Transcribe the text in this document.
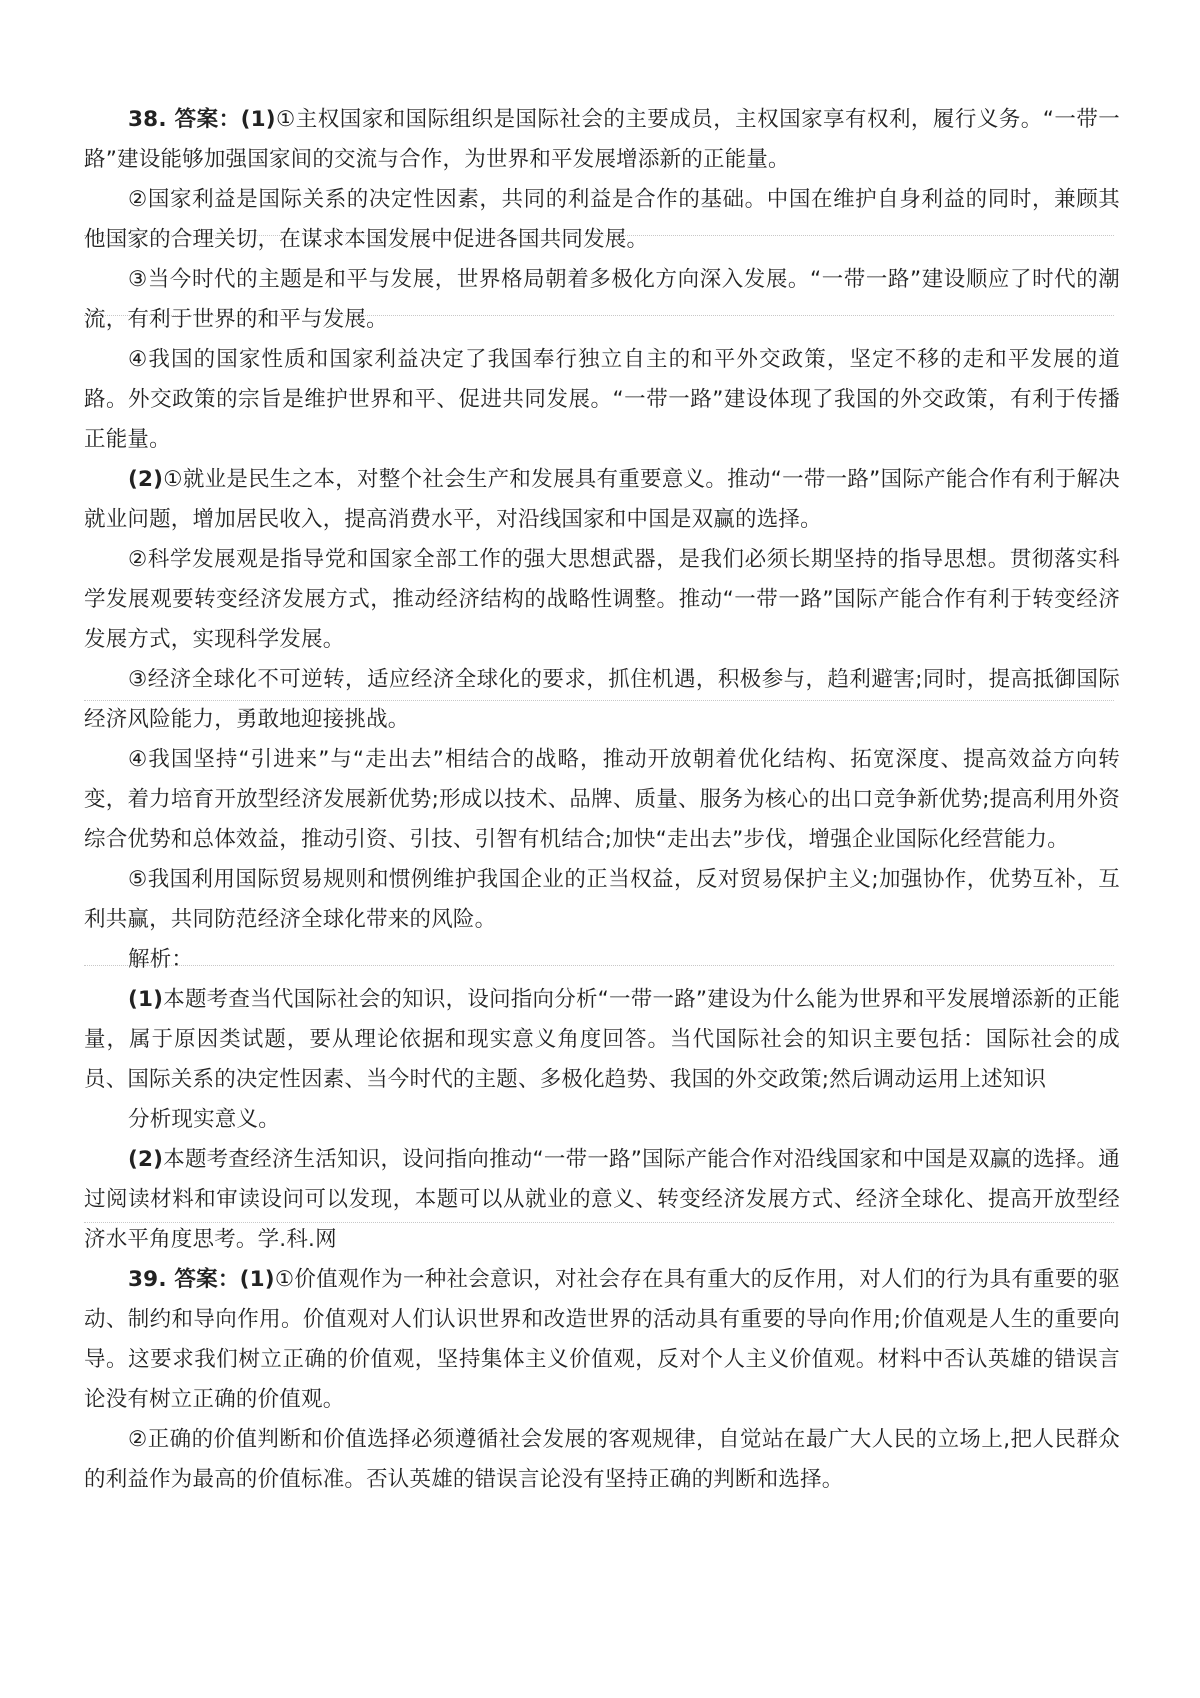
38. 答案：(1)①主权国家和国际组织是国际社会的主要成员，主权国家享有权利，履行义务。“一带一路”建设能够加强国家间的交流与合作，为世界和平发展增添新的正能量。

②国家利益是国际关系的决定性因素，共同的利益是合作的基础。中国在维护自身利益的同时，兼顾其他国家的合理关切，在谋求本国发展中促进各国共同发展。

③当今时代的主题是和平与发展，世界格局朝着多极化方向深入发展。“一带一路”建设顺应了时代的潮流，有利于世界的和平与发展。

④我国的国家性质和国家利益决定了我国奉行独立自主的和平外交政策，坚定不移的走和平发展的道路。外交政策的宗旨是维护世界和平、促进共同发展。“一带一路”建设体现了我国的外交政策，有利于传播正能量。

(2)①就业是民生之本，对整个社会生产和发展具有重要意义。推动“一带一路”国际产能合作有利于解决就业问题，增加居民收入，提高消费水平，对沿线国家和中国是双赢的选择。

②科学发展观是指导党和国家全部工作的强大思想武器，是我们必须长期坚持的指导思想。贯彻落实科学发展观要转变经济发展方式，推动经济结构的战略性调整。推动“一带一路”国际产能合作有利于转变经济发展方式，实现科学发展。

③经济全球化不可逆转，适应经济全球化的要求，抓住机遇，积极参与，趋利避害;同时，提高抵御国际经济风险能力，勇敢地迎接挑战。

④我国坚持“引进来”与“走出去”相结合的战略，推动开放朝着优化结构、拓宽深度、提高效益方向转变，着力培育开放型经济发展新优势;形成以技术、品牌、质量、服务为核心的出口竞争新优势;提高利用外资综合优势和总体效益，推动引资、引技、引智有机结合;加快“走出去”步伐，增强企业国际化经营能力。

⑤我国利用国际贸易规则和惯例维护我国企业的正当权益，反对贸易保护主义;加强协作，优势互补，互利共赢，共同防范经济全球化带来的风险。

解析：

(1)本题考查当代国际社会的知识，设问指向分析“一带一路”建设为什么能为世界和平发展增添新的正能量，属于原因类试题，要从理论依据和现实意义角度回答。当代国际社会的知识主要包括：国际社会的成员、国际关系的决定性因素、当今时代的主题、多极化趋势、我国的外交政策;然后调动运用上述知识

分析现实意义。

(2)本题考查经济生活知识，设问指向推动“一带一路”国际产能合作对沿线国家和中国是双赢的选择。通过阅读材料和审读设问可以发现，本题可以从就业的意义、转变经济发展方式、经济全球化、提高开放型经济水平角度思考。学.科.网

39. 答案：(1)①价值观作为一种社会意识，对社会存在具有重大的反作用，对人们的行为具有重要的驱动、制约和导向作用。价值观对人们认识世界和改造世界的活动具有重要的导向作用;价值观是人生的重要向导。这要求我们树立正确的价值观，坚持集体主义价值观，反对个人主义价值观。材料中否认英雄的错误言论没有树立正确的价值观。

②正确的价值判断和价值选择必须遵循社会发展的客观规律，自觉站在最广大人民的立场上,把人民群众的利益作为最高的价值标准。否认英雄的错误言论没有坚持正确的判断和选择。
